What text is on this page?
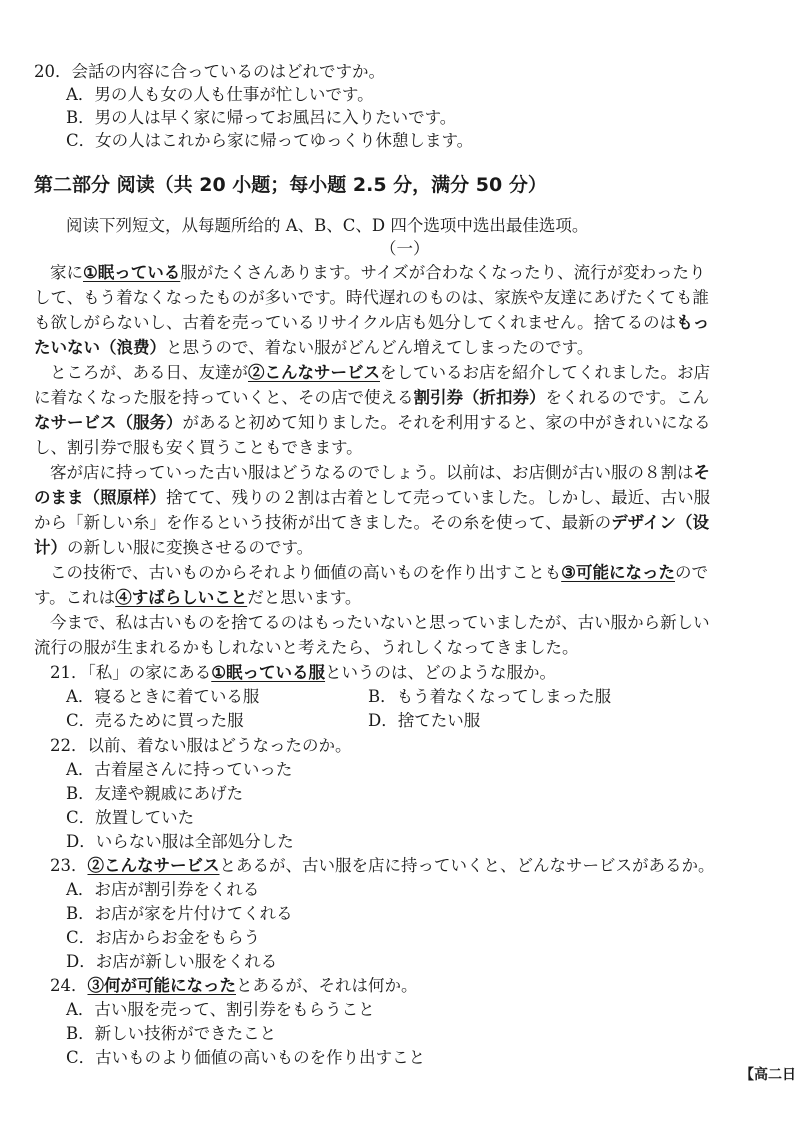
20．会話の内容に合っているのはどれですか。
A．男の人も女の人も仕事が忙しいです。
B．男の人は早く家に帰ってお風呂に入りたいです。
C．女の人はこれから家に帰ってゆっくり休憩します。
第二部分 阅读（共 20 小题；每小题 2.5 分，满分 50 分）
阅读下列短文，从每题所给的 A、B、C、D 四个选项中选出最佳选项。
（一）
家に①眠っている服がたくさんあります。サイズが合わなくなったり、流行が変わったり
して、もう着なくなったものが多いです。時代遅れのものは、家族や友達にあげたくても誰
も欲しがらないし、古着を売っているリサイクル店も処分してくれません。捨てるのはもっ
たいない（浪费）と思うので、着ない服がどんどん増えてしまったのです。
ところが、ある日、友達が②こんなサービスをしているお店を紹介してくれました。お店
に着なくなった服を持っていくと、その店で使える割引券（折扣券）をくれるのです。こん
なサービス（服务）があると初めて知りました。それを利用すると、家の中がきれいになる
し、割引券で服も安く買うこともできます。
客が店に持っていった古い服はどうなるのでしょう。以前は、お店側が古い服の８割はそ
のまま（照原样）捨てて、残りの２割は古着として売っていました。しかし、最近、古い服
から「新しい糸」を作るという技術が出てきました。その糸を使って、最新のデザイン（设
计）の新しい服に変換させるのです。
この技術で、古いものからそれより価値の高いものを作り出すことも③可能になったので
す。これは④すばらしいことだと思います。
今まで、私は古いものを捨てるのはもったいないと思っていましたが、古い服から新しい
流行の服が生まれるかもしれないと考えたら、うれしくなってきました。
21．「私」の家にある①眠っている服というのは、どのような服か。
A．寝るときに着ている服	B．もう着なくなってしまった服
C．売るために買った服	D．捨てたい服
22．以前、着ない服はどうなったのか。
A．古着屋さんに持っていった
B．友達や親戚にあげた
C．放置していた
D．いらない服は全部処分した
23．②こんなサービスとあるが、古い服を店に持っていくと、どんなサービスがあるか。
A．お店が割引券をくれる
B．お店が家を片付けてくれる
C．お店からお金をもらう
D．お店が新しい服をくれる
24．③何が可能になったとあるが、それは何か。
A．古い服を売って、割引券をもらうこと
B．新しい技術ができたこと
C．古いものより価値の高いものを作り出すこと
【高二日
